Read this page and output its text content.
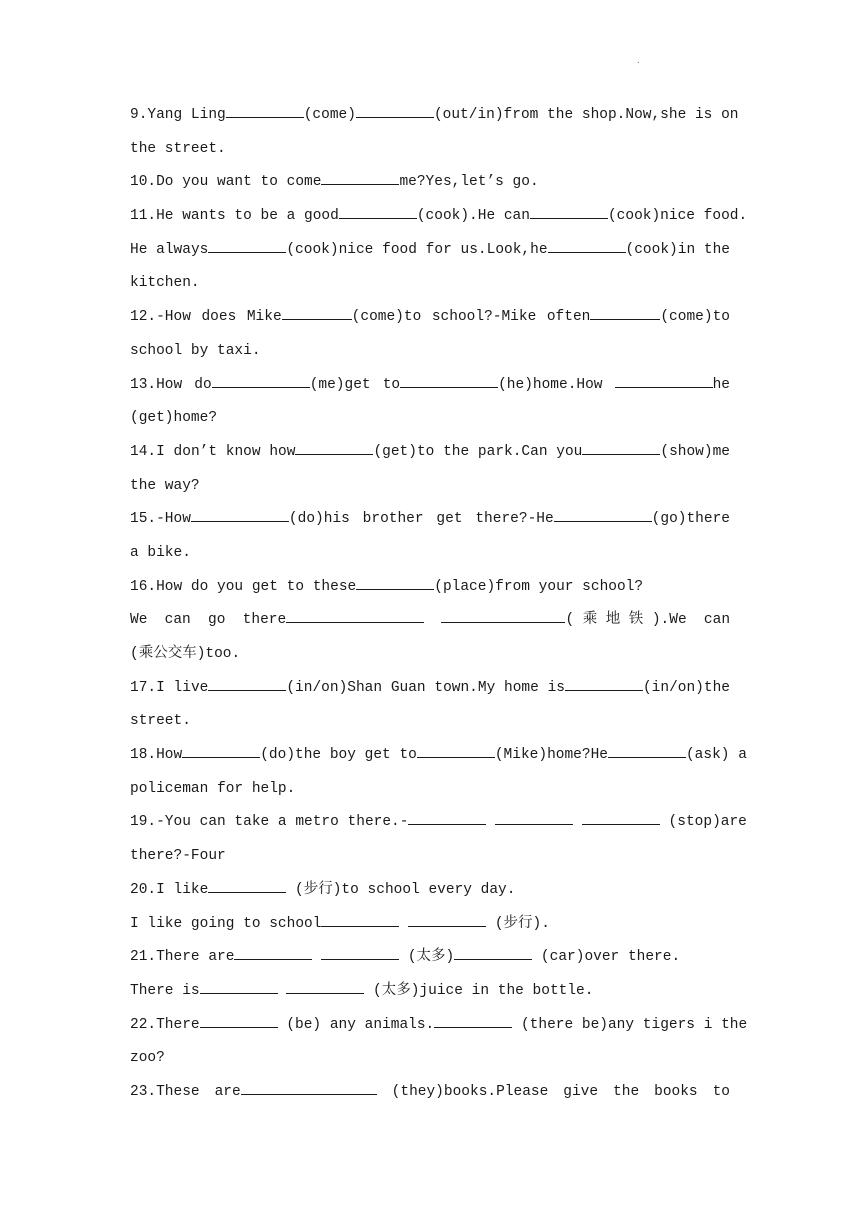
.
9.Yang Ling	(come)	(out/in)from the shop.Now,she is on
the street.
10.Do you want to come	me?Yes,let’s go.
11.He wants to be a good	(cook).He can	(cook)nice food.
He always	(cook)nice food for us.Look,he	(cook)in the
kitchen.
12.-How does Mike	(come)to school?-Mike often	(come)to
school by taxi.
13.How do	(me)get to	(he)home.How	he
(get)home?
14.I don’t know how	(get)to the park.Can you	(show)me
the way?
15.-How	(do)his brother get there?-He	(go)there
a bike.
16.How do you get to these	(place)from your school?
We can go there	(乘地铁).We can
(乘公交车)too.
17.I live	(in/on)Shan Guan town.My home is	(in/on)the
street.
18.How	(do)the boy get to	(Mike)home?He	(ask) a
policeman for help.
19.-You can take a metro there.-	(stop)are
there?-Four
20.I like	(步行)to school every day.
I like going to school	(步行).
21.There are	(太多)	(car)over there.
There is	(太多)juice in the bottle.
22.There	(be) any animals.	(there be)any tigers i the
zoo?
23.These are	(they)books.Please give the books to
